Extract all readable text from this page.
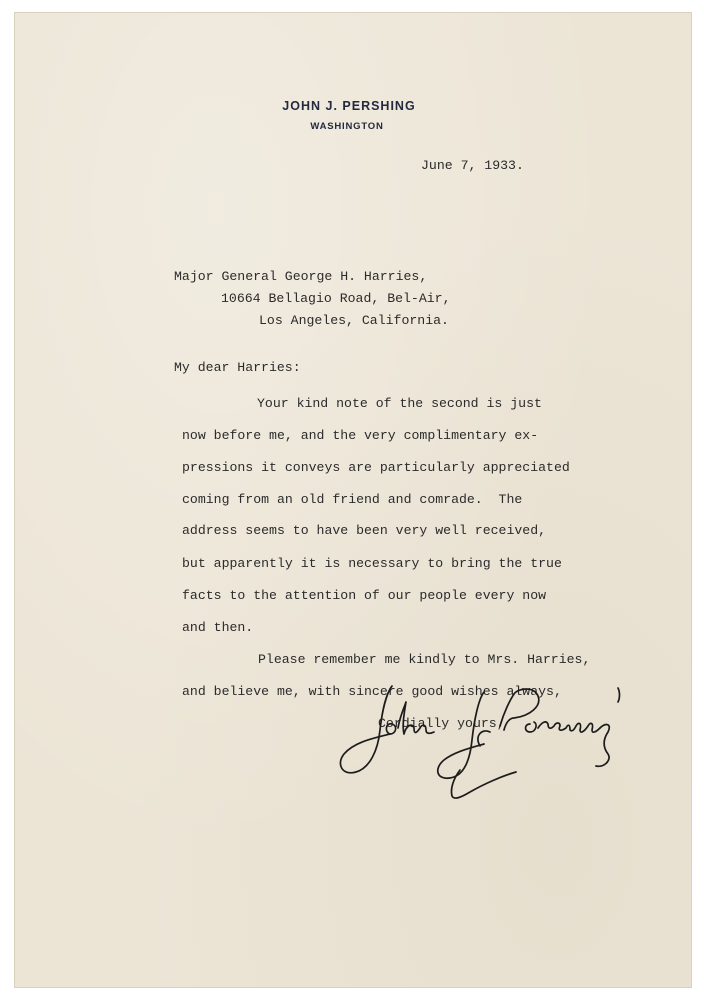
JOHN J. PERSHING
WASHINGTON
June 7, 1933.
Major General George H. Harries,
10664 Bellagio Road, Bel-Air,
Los Angeles, California.
My dear Harries:
Your kind note of the second is just
now before me, and the very complimentary ex-
pressions it conveys are particularly appreciated
coming from an old friend and comrade.  The
address seems to have been very well received,
but apparently it is necessary to bring the true
facts to the attention of our people every now
and then.
Please remember me kindly to Mrs. Harries,
and believe me, with sincere good wishes always,
Cordially yours,
